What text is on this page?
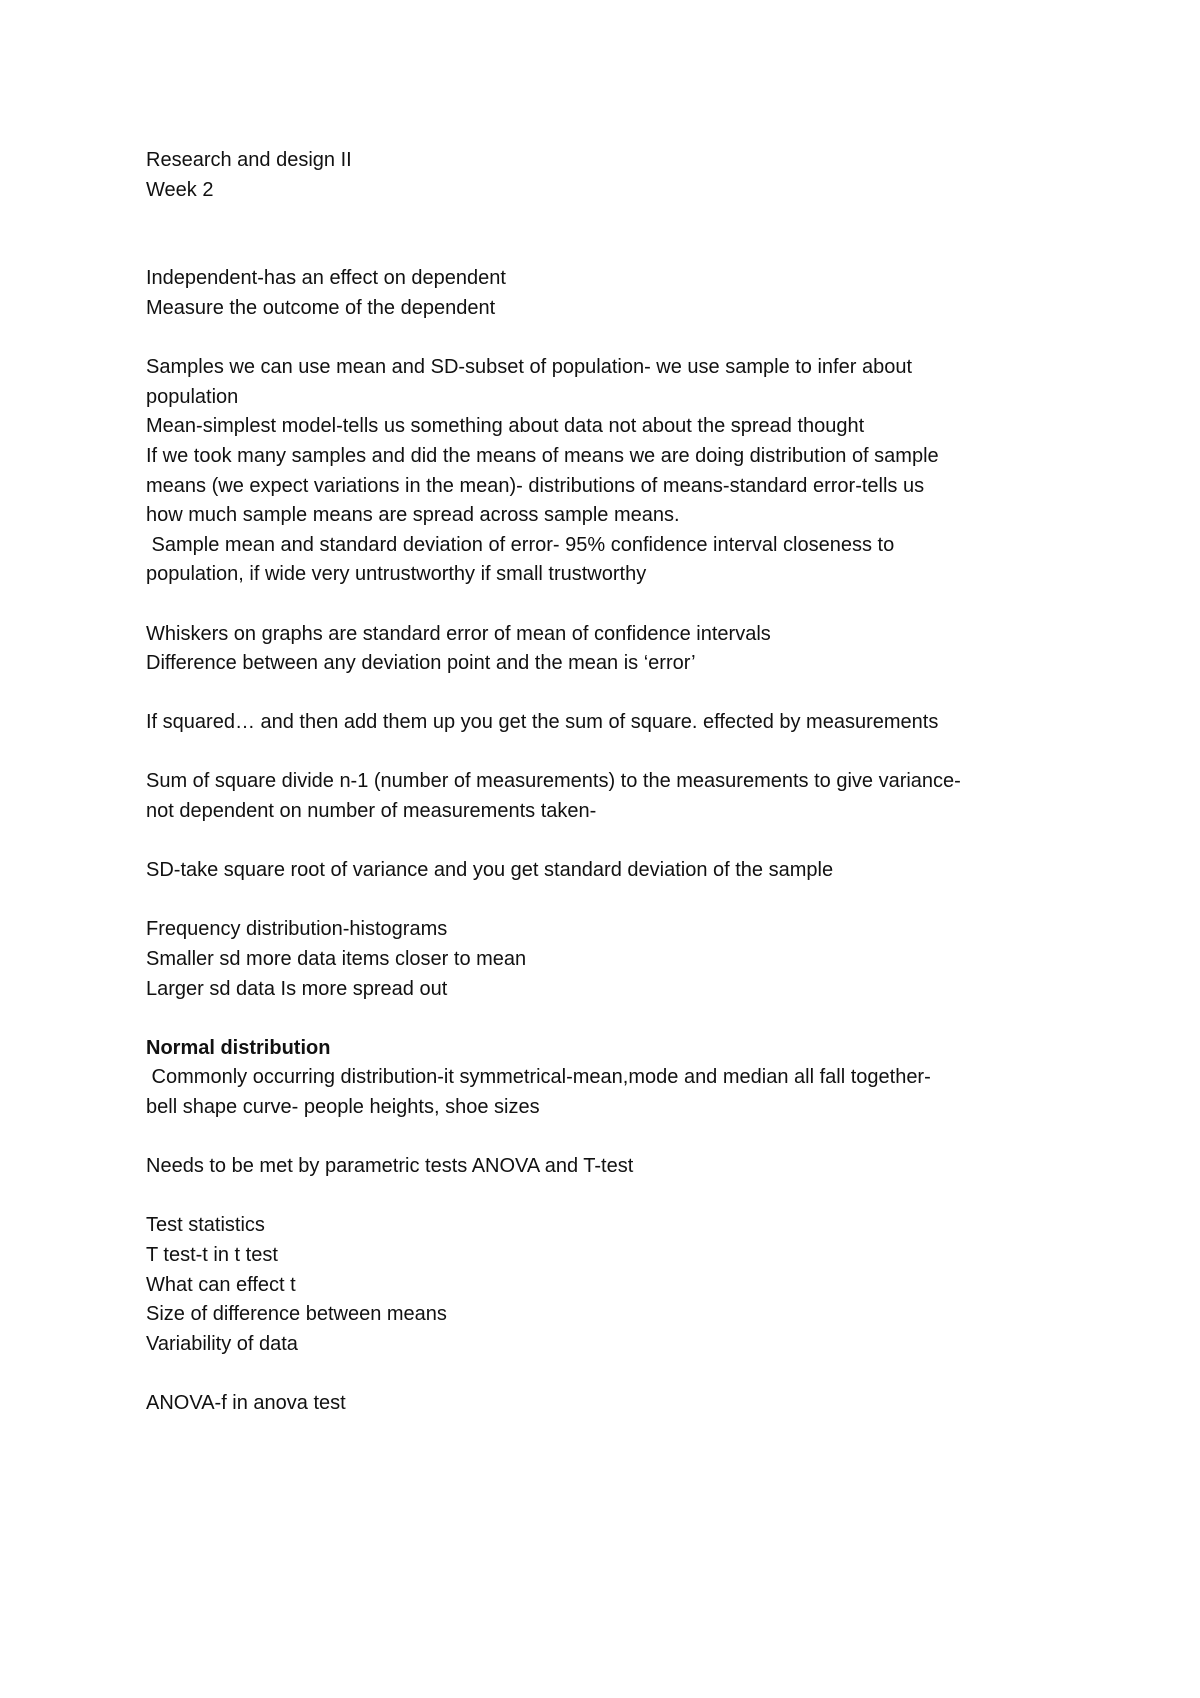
Research and design II
Week 2
Independent-has an effect on dependent
Measure the outcome of the dependent
Samples we can use mean and SD-subset of population- we use sample to infer about
population
Mean-simplest model-tells us something about data not about the spread thought
If we took many samples and did the means of means we are doing distribution of sample
means (we expect variations in the mean)- distributions of means-standard error-tells us
how much sample means are spread across sample means.
Sample mean and standard deviation of error- 95% confidence interval closeness to
population, if wide very untrustworthy if small trustworthy
Whiskers on graphs are standard error of mean of confidence intervals
Difference between any deviation point and the mean is ‘error’
If squared… and then add them up you get the sum of square. effected by measurements
Sum of square divide n-1 (number of measurements) to the measurements to give variance-
not dependent on number of measurements taken-
SD-take square root of variance and you get standard deviation of the sample
Frequency distribution-histograms
Smaller sd more data items closer to mean
Larger sd data Is more spread out
Normal distribution
Commonly occurring distribution-it symmetrical-mean,mode and median all fall together-
bell shape curve- people heights, shoe sizes
Needs to be met by parametric tests ANOVA and T-test
Test statistics
T test-t in t test
What can effect t
Size of difference between means
Variability of data
ANOVA-f in anova test
